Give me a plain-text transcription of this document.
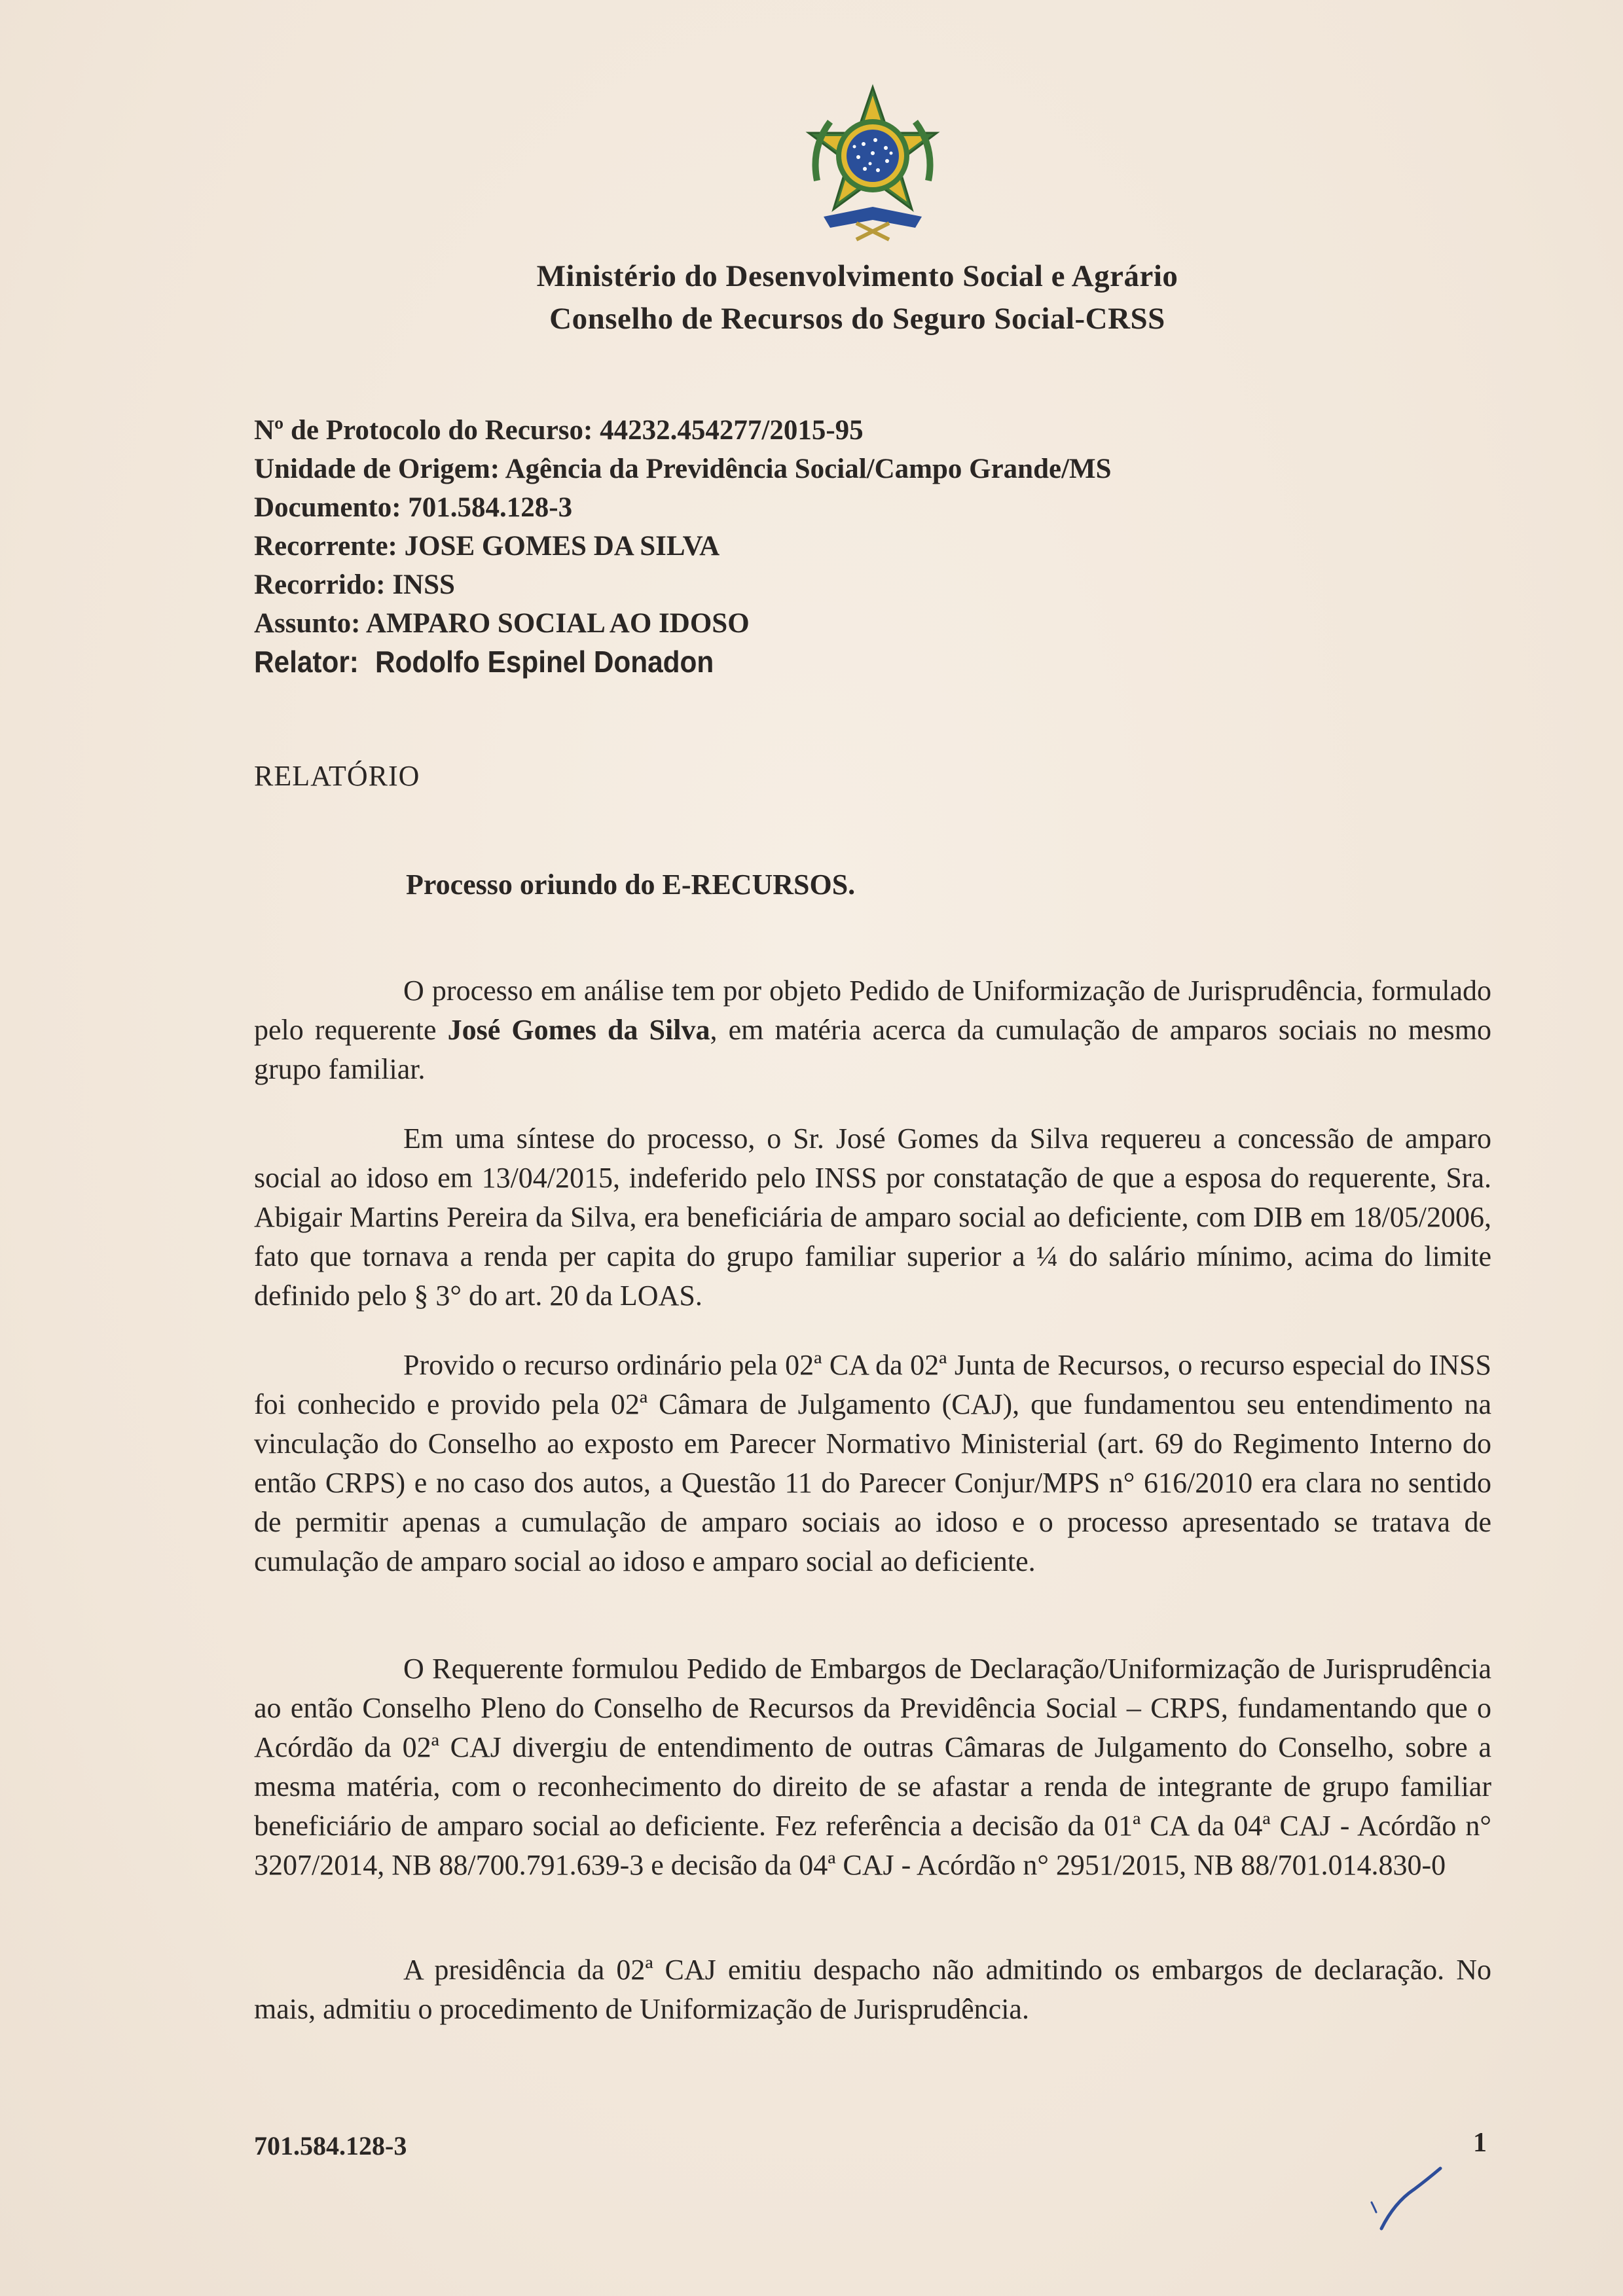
Ministério do Desenvolvimento Social e Agrário
Conselho de Recursos do Seguro Social-CRSS
Nº de Protocolo do Recurso: 44232.454277/2015-95
Unidade de Origem: Agência da Previdência Social/Campo Grande/MS
Documento: 701.584.128-3
Recorrente: JOSE GOMES DA SILVA
Recorrido: INSS
Assunto: AMPARO SOCIAL AO IDOSO
Relator: Rodolfo Espinel Donadon
RELATÓRIO
Processo oriundo do E-RECURSOS.

O processo em análise tem por objeto Pedido de Uniformização de Jurisprudência, formulado pelo requerente José Gomes da Silva, em matéria acerca da cumulação de amparos sociais no mesmo grupo familiar.

Em uma síntese do processo, o Sr. José Gomes da Silva requereu a concessão de amparo social ao idoso em 13/04/2015, indeferido pelo INSS por constatação de que a esposa do requerente, Sra. Abigair Martins Pereira da Silva, era beneficiária de amparo social ao deficiente, com DIB em 18/05/2006, fato que tornava a renda per capita do grupo familiar superior a ¼ do salário mínimo, acima do limite definido pelo § 3° do art. 20 da LOAS.

Provido o recurso ordinário pela 02ª CA da 02ª Junta de Recursos, o recurso especial do INSS foi conhecido e provido pela 02ª Câmara de Julgamento (CAJ), que fundamentou seu entendimento na vinculação do Conselho ao exposto em Parecer Normativo Ministerial (art. 69 do Regimento Interno do então CRPS) e no caso dos autos, a Questão 11 do Parecer Conjur/MPS n° 616/2010 era clara no sentido de permitir apenas a cumulação de amparo sociais ao idoso e o processo apresentado se tratava de cumulação de amparo social ao idoso e amparo social ao deficiente.

O Requerente formulou Pedido de Embargos de Declaração/Uniformização de Jurisprudência ao então Conselho Pleno do Conselho de Recursos da Previdência Social – CRPS, fundamentando que o Acórdão da 02ª CAJ divergiu de entendimento de outras Câmaras de Julgamento do Conselho, sobre a mesma matéria, com o reconhecimento do direito de se afastar a renda de integrante de grupo familiar beneficiário de amparo social ao deficiente. Fez referência a decisão da 01ª CA da 04ª CAJ - Acórdão n° 3207/2014, NB 88/700.791.639-3 e decisão da 04ª CAJ - Acórdão n° 2951/2015, NB 88/701.014.830-0

A presidência da 02ª CAJ emitiu despacho não admitindo os embargos de declaração. No mais, admitiu o procedimento de Uniformização de Jurisprudência.

701.584.128-3	1
